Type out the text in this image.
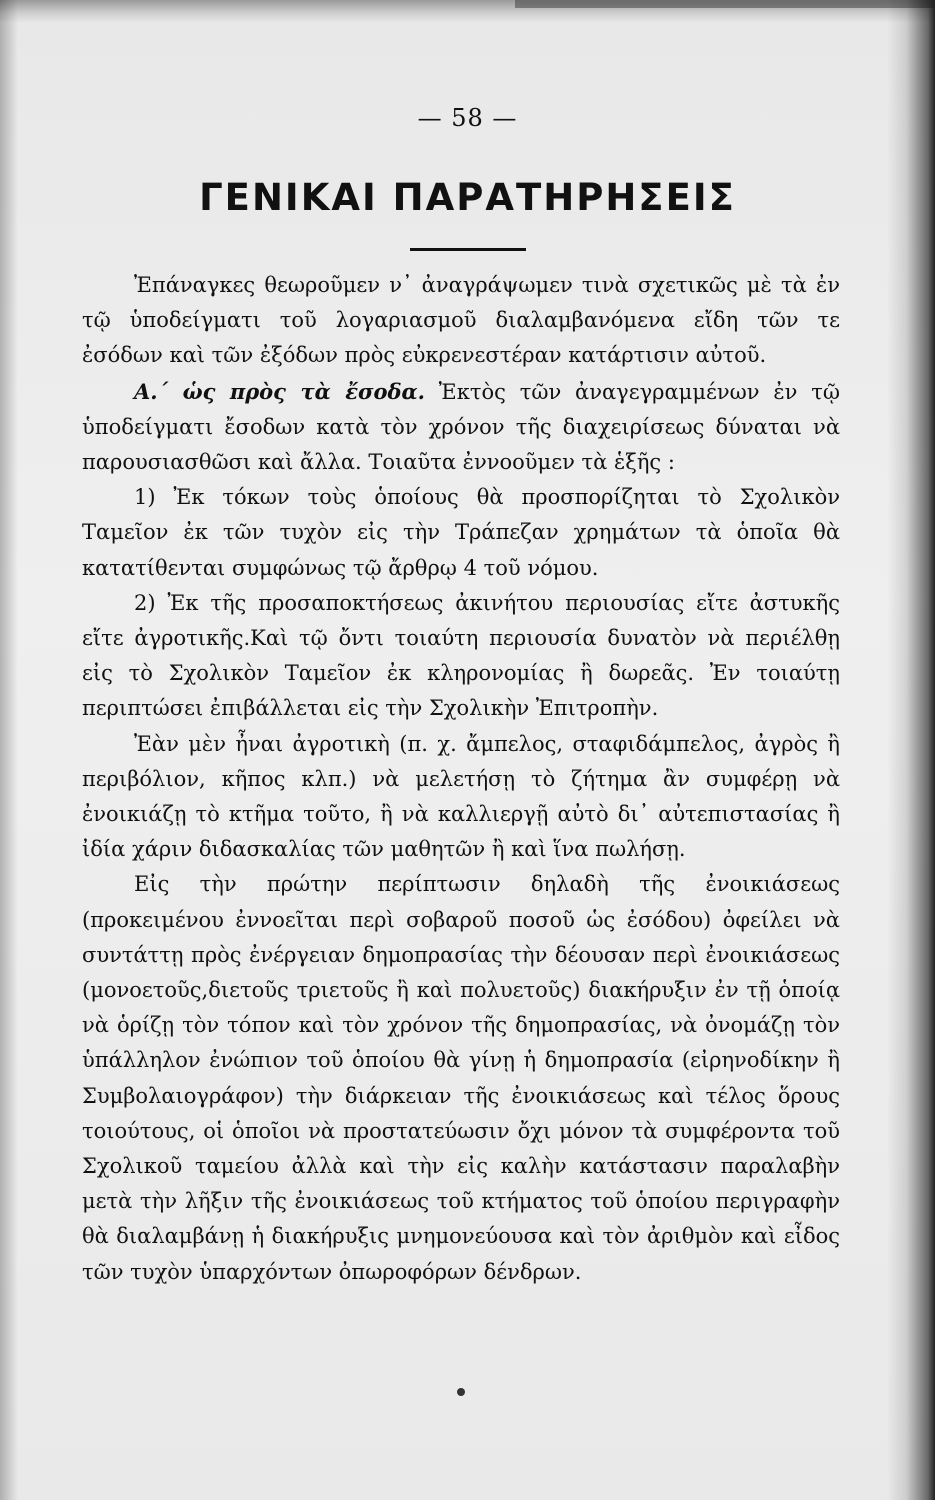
— 58 —
ΓΕΝΙΚΑΙ ΠΑΡΑΤΗΡΗΣΕΙΣ

Ἐπάναγκες θεωροῦμεν ν᾽ ἀναγράψωμεν τινὰ σχετικῶς μὲ τὰ ἐν τῷ ὑποδείγματι τοῦ λογαριασμοῦ διαλαμβανόμενα εἴδη τῶν τε ἐσόδων καὶ τῶν ἐξόδων πρὸς εὐκρενεστέραν κατάρτισιν αὐτοῦ.

Α.΄ ὡς πρὸς τὰ ἔσοδα. Ἐκτὸς τῶν ἀναγεγραμμένων ἐν τῷ ὑποδείγματι ἔσοδων κατὰ τὸν χρόνον τῆς διαχειρίσεως δύναται νὰ παρουσιασθῶσι καὶ ἄλλα. Τοιαῦτα ἐννοοῦμεν τὰ ἑξῆς :

1) Ἐκ τόκων τοὺς ὁποίους θὰ προσπορίζηται τὸ Σχολικὸν Ταμεῖον ἐκ τῶν τυχὸν εἰς τὴν Τράπεζαν χρημάτων τὰ ὁποῖα θὰ κατατίθενται συμφώνως τῷ ἄρθρῳ 4 τοῦ νόμου.

2) Ἐκ τῆς προσαποκτήσεως ἀκινήτου περιουσίας εἴτε ἀστυκῆς εἴτε ἀγροτικῆς.Καὶ τῷ ὄντι τοιαύτη περιουσία δυνατὸν νὰ περιέλθῃ εἰς τὸ Σχολικὸν Ταμεῖον ἐκ κληρονομίας ἢ δωρεᾶς. Ἐν τοιαύτῃ περιπτώσει ἐπιβάλλεται εἰς τὴν Σχολικὴν Ἐπιτροπὴν.

Ἐὰν μὲν ἦναι ἀγροτικὴ (π. χ. ἄμπελος, σταφιδάμπελος, ἀγρὸς ἢ περιβόλιον, κῆπος κλπ.) νὰ μελετήσῃ τὸ ζήτημα ἂν συμφέρῃ νὰ ἐνοικιάζῃ τὸ κτῆμα τοῦτο, ἢ νὰ καλλιεργῇ αὐτὸ δι᾽ αὐτεπιστασίας ἢ ἰδία χάριν διδασκαλίας τῶν μαθητῶν ἢ καὶ ἵνα πωλήσῃ.

Εἰς τὴν πρώτην περίπτωσιν δηλαδὴ τῆς ἐνοικιάσεως (προκειμένου ἐννοεῖται περὶ σοβαροῦ ποσοῦ ὡς ἐσόδου) ὀφείλει νὰ συντάττῃ πρὸς ἐνέργειαν δημοπρασίας τὴν δέουσαν περὶ ἐνοικιάσεως (μονοετοῦς,διετοῦς τριετοῦς ἢ καὶ πολυετοῦς) διακήρυξιν ἐν τῇ ὁποίᾳ νὰ ὁρίζῃ τὸν τόπον καὶ τὸν χρόνον τῆς δημοπρασίας, νὰ ὀνομάζῃ τὸν ὑπάλληλον ἐνώπιον τοῦ ὁποίου θὰ γίνῃ ἡ δημοπρασία (εἰρηνοδίκην ἢ Συμβολαιογράφον) τὴν διάρκειαν τῆς ἐνοικιάσεως καὶ τέλος ὅρους τοιούτους, οἱ ὁποῖοι νὰ προστατεύωσιν ὄχι μόνον τὰ συμφέροντα τοῦ Σχολικοῦ ταμείου ἀλλὰ καὶ τὴν εἰς καλὴν κατάστασιν παραλαβὴν μετὰ τὴν λῆξιν τῆς ἐνοικιάσεως τοῦ κτήματος τοῦ ὁποίου περιγραφὴν θὰ διαλαμβάνῃ ἡ διακήρυξις μνημονεύουσα καὶ τὸν ἀριθμὸν καὶ εἶδος τῶν τυχὸν ὑπαρχόντων ὀπωροφόρων δένδρων.
